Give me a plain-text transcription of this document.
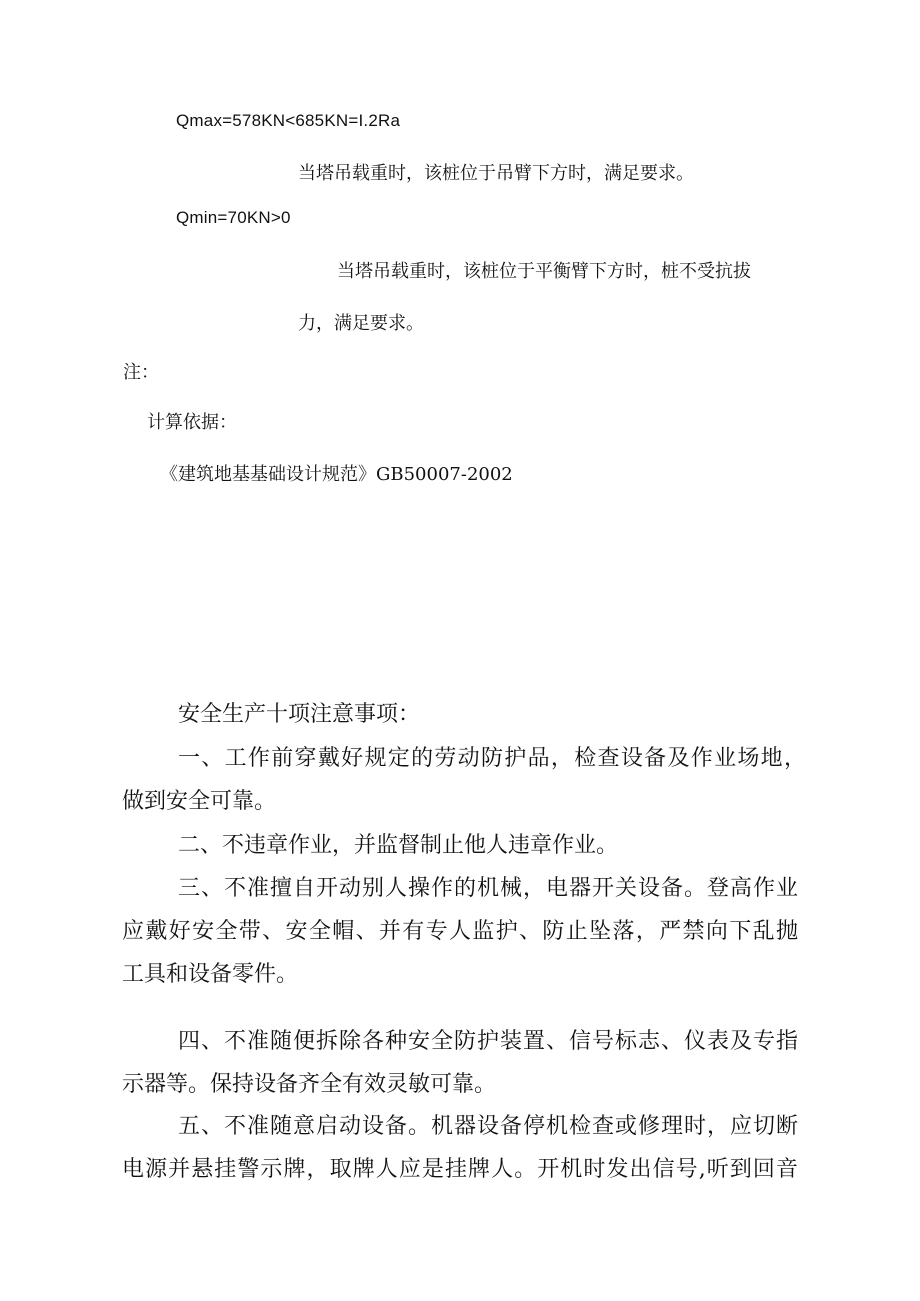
Qmax=578KN<685KN=I.2Ra
当塔吊载重时，该桩位于吊臂下方时，满足要求。
Qmin=70KN>0
当塔吊载重时，该桩位于平衡臂下方时，桩不受抗拔
力，满足要求。
注：
计算依据：
《建筑地基基础设计规范》GB50007-2002
安全生产十项注意事项：
一、工作前穿戴好规定的劳动防护品，检查设备及作业场地，
做到安全可靠。
二、不违章作业，并监督制止他人违章作业。
三、不准擅自开动别人操作的机械，电器开关设备。登高作业
应戴好安全带、安全帽、并有专人监护、防止坠落，严禁向下乱抛
工具和设备零件。
四、不准随便拆除各种安全防护装置、信号标志、仪表及专指
示器等。保持设备齐全有效灵敏可靠。
五、不准随意启动设备。机器设备停机检查或修理时，应切断
电源并悬挂警示牌，取牌人应是挂牌人。开机时发出信号,听到回音
